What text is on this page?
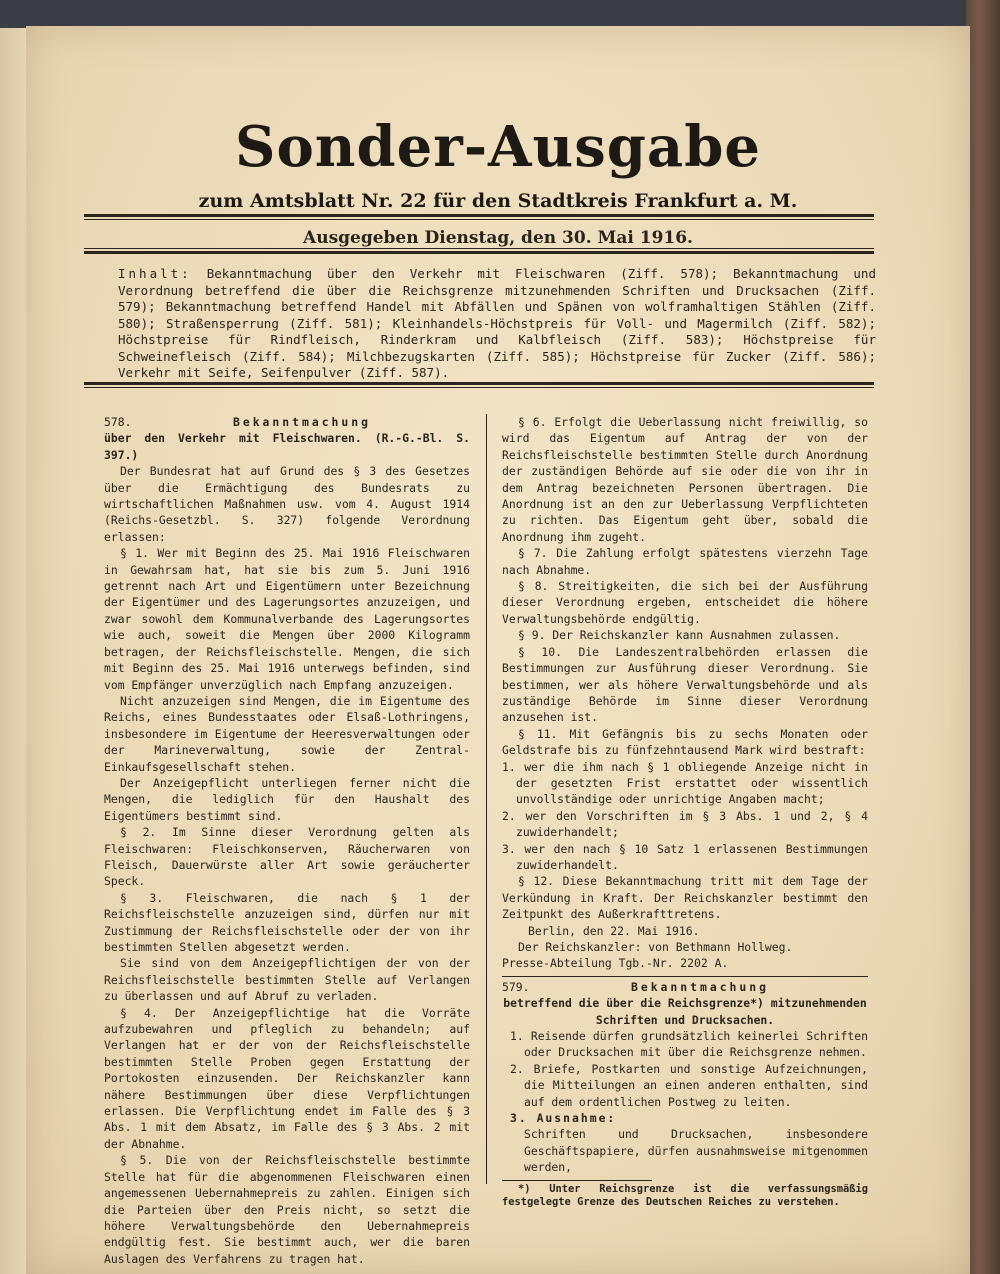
Sonder-Ausgabe
zum Amtsblatt Nr. 22 für den Stadtkreis Frankfurt a. M.
Ausgegeben Dienstag, den 30. Mai 1916.
Inhalt: Bekanntmachung über den Verkehr mit Fleischwaren (Ziff. 578); Bekanntmachung und Verordnung betreffend die über die Reichsgrenze mitzunehmenden Schriften und Drucksachen (Ziff. 579); Bekanntmachung betreffend Handel mit Abfällen und Spänen von wolframhaltigen Stählen (Ziff. 580); Straßensperrung (Ziff. 581); Kleinhandels-Höchstpreis für Voll- und Magermilch (Ziff. 582); Höchstpreise für Rindfleisch, Rinderkram und Kalbfleisch (Ziff. 583); Höchstpreise für Schweinefleisch (Ziff. 584); Milchbezugskarten (Ziff. 585); Höchstpreise für Zucker (Ziff. 586); Verkehr mit Seife, Seifenpulver (Ziff. 587).
578.	Bekanntmachung

über den Verkehr mit Fleischwaren. (R.-G.-Bl. S. 397.)

Der Bundesrat hat auf Grund des § 3 des Gesetzes über die Ermächtigung des Bundesrats zu wirtschaftlichen Maßnahmen usw. vom 4. August 1914 (Reichs-Gesetzbl. S. 327) folgende Verordnung erlassen:

§ 1. Wer mit Beginn des 25. Mai 1916 Fleischwaren in Gewahrsam hat, hat sie bis zum 5. Juni 1916 getrennt nach Art und Eigentümern unter Bezeichnung der Eigentümer und des Lagerungsortes anzuzeigen, und zwar sowohl dem Kommunalverbande des Lagerungsortes wie auch, soweit die Mengen über 2000 Kilogramm betragen, der Reichsfleischstelle. Mengen, die sich mit Beginn des 25. Mai 1916 unterwegs befinden, sind vom Empfänger unverzüglich nach Empfang anzuzeigen.

Nicht anzuzeigen sind Mengen, die im Eigentume des Reichs, eines Bundesstaates oder Elsaß-Lothringens, insbesondere im Eigentume der Heeresverwaltungen oder der Marineverwaltung, sowie der Zentral-Einkaufsgesellschaft stehen.

Der Anzeigepflicht unterliegen ferner nicht die Mengen, die lediglich für den Haushalt des Eigentümers bestimmt sind.

§ 2. Im Sinne dieser Verordnung gelten als Fleischwaren: Fleischkonserven, Räucherwaren von Fleisch, Dauerwürste aller Art sowie geräucherter Speck.

§ 3. Fleischwaren, die nach § 1 der Reichsfleischstelle anzuzeigen sind, dürfen nur mit Zustimmung der Reichsfleischstelle oder der von ihr bestimmten Stellen abgesetzt werden.

Sie sind von dem Anzeigepflichtigen der von der Reichsfleischstelle bestimmten Stelle auf Verlangen zu überlassen und auf Abruf zu verladen.

§ 4. Der Anzeigepflichtige hat die Vorräte aufzubewahren und pfleglich zu behandeln; auf Verlangen hat er der von der Reichsfleischstelle bestimmten Stelle Proben gegen Erstattung der Portokosten einzusenden. Der Reichskanzler kann nähere Bestimmungen über diese Verpflichtungen erlassen. Die Verpflichtung endet im Falle des § 3 Abs. 1 mit dem Absatz, im Falle des § 3 Abs. 2 mit der Abnahme.

§ 5. Die von der Reichsfleischstelle bestimmte Stelle hat für die abgenommenen Fleischwaren einen angemessenen Uebernahmepreis zu zahlen. Einigen sich die Parteien über den Preis nicht, so setzt die höhere Verwaltungsbehörde den Uebernahmepreis endgültig fest. Sie bestimmt auch, wer die baren Auslagen des Verfahrens zu tragen hat.

§ 6. Erfolgt die Ueberlassung nicht freiwillig, so wird das Eigentum auf Antrag der von der Reichsfleischstelle bestimmten Stelle durch Anordnung der zuständigen Behörde auf sie oder die von ihr in dem Antrag bezeichneten Personen übertragen. Die Anordnung ist an den zur Ueberlassung Verpflichteten zu richten. Das Eigentum geht über, sobald die Anordnung ihm zugeht.

§ 7. Die Zahlung erfolgt spätestens vierzehn Tage nach Abnahme.

§ 8. Streitigkeiten, die sich bei der Ausführung dieser Verordnung ergeben, entscheidet die höhere Verwaltungsbehörde endgültig.

§ 9. Der Reichskanzler kann Ausnahmen zulassen.

§ 10. Die Landeszentralbehörden erlassen die Bestimmungen zur Ausführung dieser Verordnung. Sie bestimmen, wer als höhere Verwaltungsbehörde und als zuständige Behörde im Sinne dieser Verordnung anzusehen ist.

§ 11. Mit Gefängnis bis zu sechs Monaten oder Geldstrafe bis zu fünfzehntausend Mark wird bestraft:

1. wer die ihm nach § 1 obliegende Anzeige nicht in der gesetzten Frist erstattet oder wissentlich unvollständige oder unrichtige Angaben macht;

2. wer den Vorschriften im § 3 Abs. 1 und 2, § 4 zuwiderhandelt;

3. wer den nach § 10 Satz 1 erlassenen Bestimmungen zuwiderhandelt.

§ 12. Diese Bekanntmachung tritt mit dem Tage der Verkündung in Kraft. Der Reichskanzler bestimmt den Zeitpunkt des Außerkrafttretens.

Berlin, den 22. Mai 1916.

Der Reichskanzler: von Bethmann Hollweg.

Presse-Abteilung Tgb.-Nr. 2202 A.

579.	Bekanntmachung

betreffend die über die Reichsgrenze*) mitzunehmenden Schriften und Drucksachen.

1. Reisende dürfen grundsätzlich keinerlei Schriften oder Drucksachen mit über die Reichsgrenze nehmen.

2. Briefe, Postkarten und sonstige Aufzeichnungen, die Mitteilungen an einen anderen enthalten, sind auf dem ordentlichen Postweg zu leiten.

3. Ausnahme:

Schriften und Drucksachen, insbesondere Geschäftspapiere, dürfen ausnahmsweise mitgenommen werden,

*) Unter Reichsgrenze ist die verfassungsmäßig festgelegte Grenze des Deutschen Reiches zu verstehen.
